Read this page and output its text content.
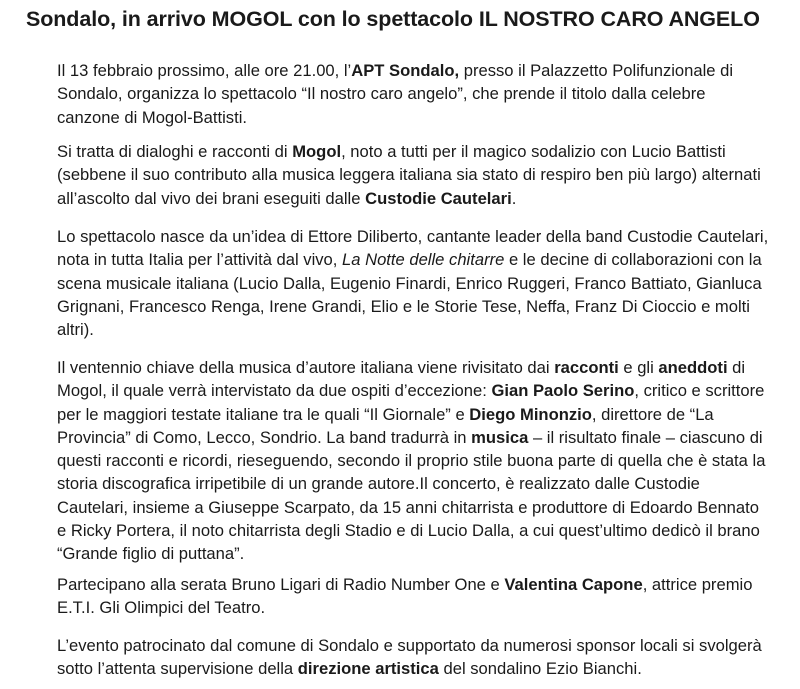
Sondalo, in arrivo MOGOL con lo spettacolo IL NOSTRO CARO ANGELO

Il 13 febbraio prossimo, alle ore 21.00, l’APT Sondalo, presso il Palazzetto Polifunzionale di
Sondalo, organizza lo spettacolo “Il nostro caro angelo”, che prende il titolo dalla celebre
canzone di Mogol-Battisti.

Si tratta di dialoghi e racconti di Mogol, noto a tutti per il magico sodalizio con Lucio Battisti
(sebbene il suo contributo alla musica leggera italiana sia stato di respiro ben più largo) alternati
all’ascolto dal vivo dei brani eseguiti dalle Custodie Cautelari.

Lo spettacolo nasce da un’idea di Ettore Diliberto, cantante leader della band Custodie Cautelari,
nota in tutta Italia per l’attività dal vivo, La Notte delle chitarre e le decine di collaborazioni con la
scena musicale italiana (Lucio Dalla, Eugenio Finardi, Enrico Ruggeri, Franco Battiato, Gianluca
Grignani, Francesco Renga, Irene Grandi, Elio e le Storie Tese, Neffa, Franz Di Cioccio e molti
altri).

Il ventennio chiave della musica d’autore italiana viene rivisitato dai racconti e gli aneddoti di
Mogol, il quale verrà intervistato da due ospiti d’eccezione: Gian Paolo Serino, critico e scrittore
per le maggiori testate italiane tra le quali “Il Giornale” e Diego Minonzio, direttore de “La
Provincia” di Como, Lecco, Sondrio. La band tradurrà in musica – il risultato finale – ciascuno di
questi racconti e ricordi, rieseguendo, secondo il proprio stile buona parte di quella che è stata la
storia discografica irripetibile di un grande autore.Il concerto, è realizzato dalle Custodie
Cautelari, insieme a Giuseppe Scarpato, da 15 anni chitarrista e produttore di Edoardo Bennato
e Ricky Portera, il noto chitarrista degli Stadio e di Lucio Dalla, a cui quest’ultimo dedicò il brano
“Grande figlio di puttana”.

Partecipano alla serata Bruno Ligari di Radio Number One e Valentina Capone, attrice premio
E.T.I. Gli Olimpici del Teatro.

L’evento patrocinato dal comune di Sondalo e supportato da numerosi sponsor locali si svolgerà
sotto l’attenta supervisione della direzione artistica del sondalino Ezio Bianchi.
